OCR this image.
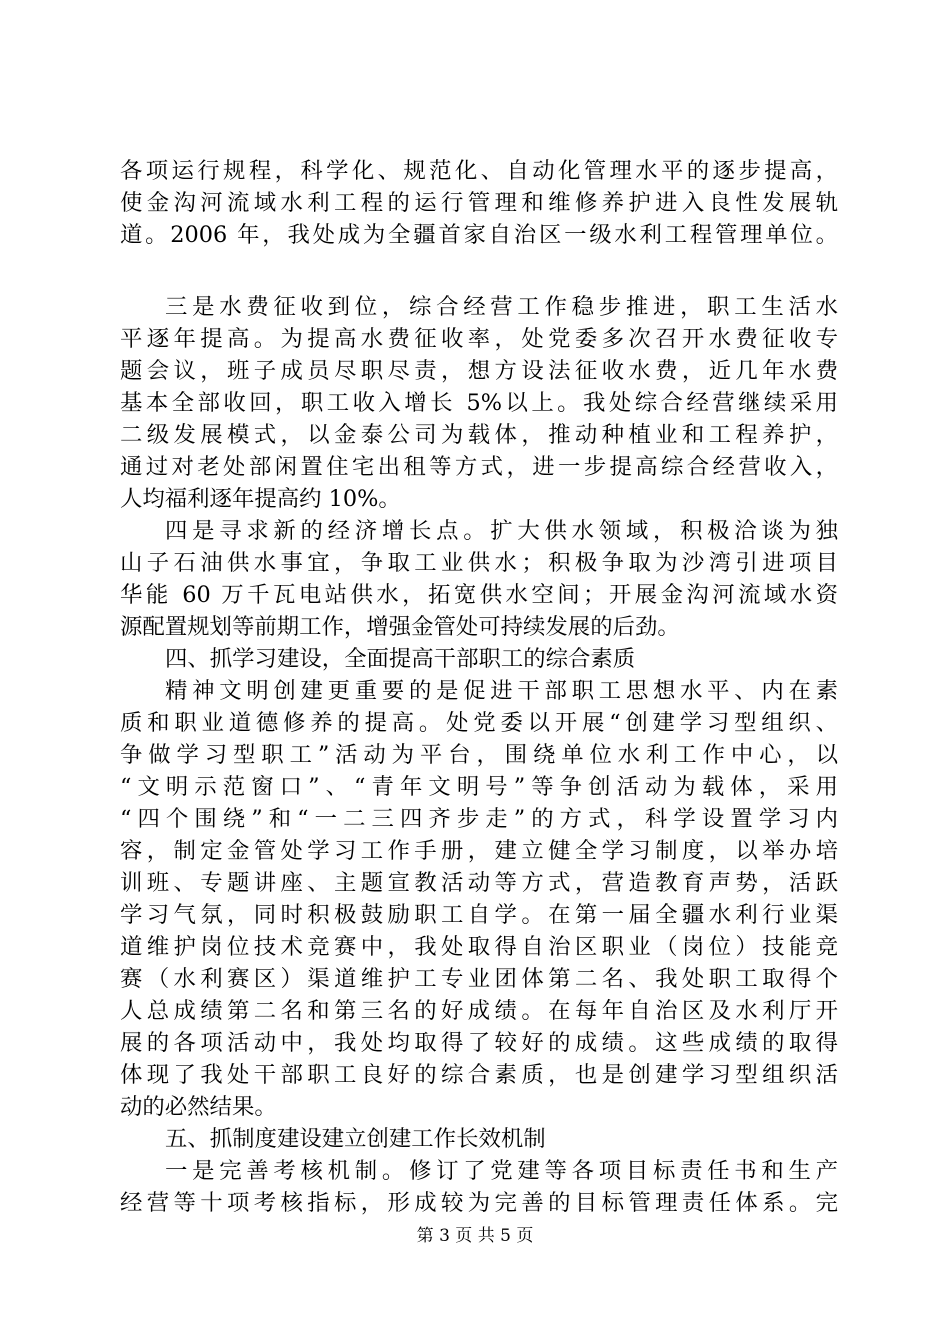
各项运行规程，科学化、规范化、自动化管理水平的逐步提高，
使金沟河流域水利工程的运行管理和维修养护进入良性发展轨
道。2006 年，我处成为全疆首家自治区一级水利工程管理单位。
三是水费征收到位，综合经营工作稳步推进，职工生活水
平逐年提高。为提高水费征收率，处党委多次召开水费征收专
题会议，班子成员尽职尽责，想方设法征收水费，近几年水费
基本全部收回，职工收入增长 5%以上。我处综合经营继续采用
二级发展模式，以金泰公司为载体，推动种植业和工程养护，
通过对老处部闲置住宅出租等方式，进一步提高综合经营收入，
人均福利逐年提高约 10%。
四是寻求新的经济增长点。扩大供水领域，积极洽谈为独
山子石油供水事宜，争取工业供水；积极争取为沙湾引进项目
华能 60 万千瓦电站供水，拓宽供水空间；开展金沟河流域水资
源配置规划等前期工作，增强金管处可持续发展的后劲。
四、抓学习建设，全面提高干部职工的综合素质
精神文明创建更重要的是促进干部职工思想水平、内在素
质和职业道德修养的提高。处党委以开展“创建学习型组织、
争做学习型职工”活动为平台，围绕单位水利工作中心，以
“文明示范窗口”、“青年文明号”等争创活动为载体，采用
“四个围绕”和“一二三四齐步走”的方式，科学设置学习内
容，制定金管处学习工作手册，建立健全学习制度，以举办培
训班、专题讲座、主题宣教活动等方式，营造教育声势，活跃
学习气氛，同时积极鼓励职工自学。在第一届全疆水利行业渠
道维护岗位技术竞赛中，我处取得自治区职业（岗位）技能竞
赛（水利赛区）渠道维护工专业团体第二名、我处职工取得个
人总成绩第二名和第三名的好成绩。在每年自治区及水利厅开
展的各项活动中，我处均取得了较好的成绩。这些成绩的取得
体现了我处干部职工良好的综合素质，也是创建学习型组织活
动的必然结果。
五、抓制度建设建立创建工作长效机制
一是完善考核机制。修订了党建等各项目标责任书和生产
经营等十项考核指标，形成较为完善的目标管理责任体系。完
第 3 页 共 5 页
